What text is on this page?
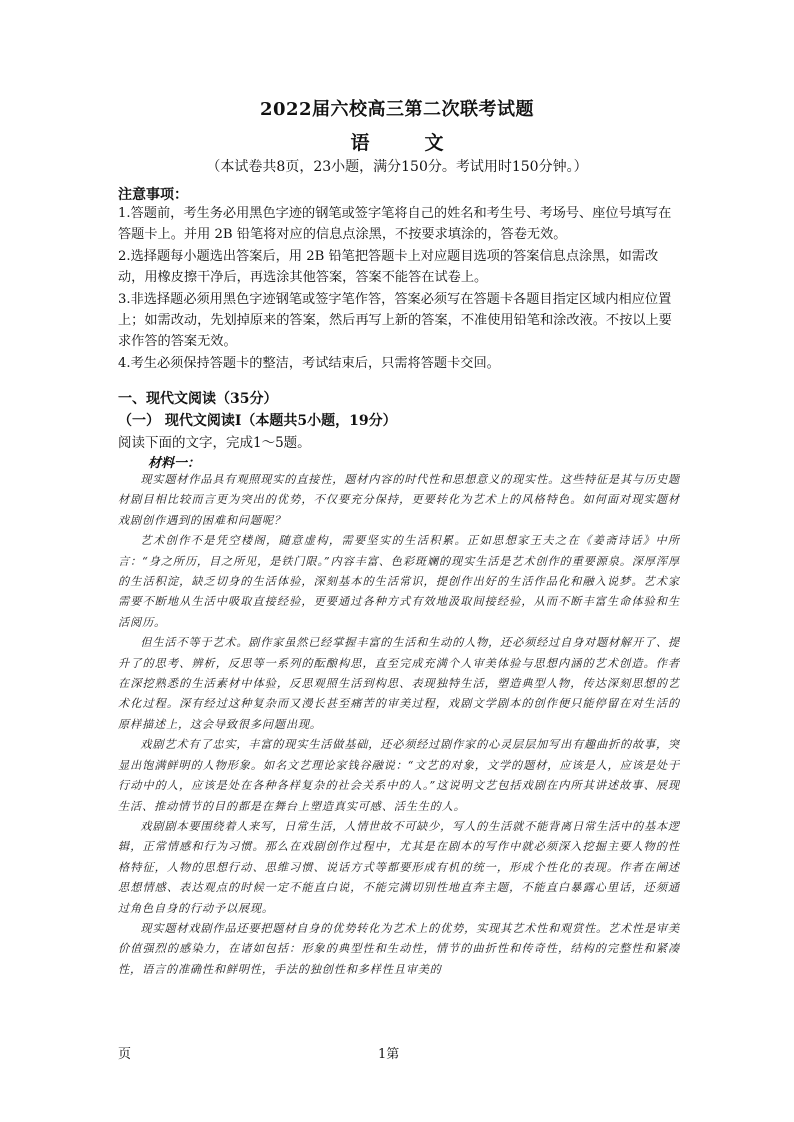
2022届六校高三第二次联考试题
语　文
（本试卷共8页，23小题，满分150分。考试用时150分钟。）
注意事项：

1.答题前，考生务必用黑色字迹的钢笔或签字笔将自己的姓名和考生号、考场号、座位号填写在答题卡上。并用 2B 铅笔将对应的信息点涂黑，不按要求填涂的，答卷无效。

2.选择题每小题选出答案后，用 2B 铅笔把答题卡上对应题目选项的答案信息点涂黑，如需改动，用橡皮擦干净后，再选涂其他答案，答案不能答在试卷上。

3.非选择题必须用黑色字迹钢笔或签字笔作答，答案必须写在答题卡各题目指定区域内相应位置上；如需改动，先划掉原来的答案，然后再写上新的答案，不准使用铅笔和涂改液。不按以上要求作答的答案无效。

4.考生必须保持答题卡的整洁，考试结束后，只需将答题卡交回。

一、现代文阅读（35分）
（一） 现代文阅读Ⅰ（本题共5小题，19分）
阅读下面的文字，完成1～5题。
材料一：

现实题材作品具有观照现实的直接性，题材内容的时代性和思想意义的现实性。这些特征是其与历史题材剧目相比较而言更为突出的优势，不仅要充分保持，更要转化为艺术上的风格特色。如何面对现实题材戏剧创作遇到的困难和问题呢？

艺术创作不是凭空楼阁，随意虚构，需要坚实的生活积累。正如思想家王夫之在《姜斋诗话》中所言：“身之所历，目之所见，是铁门限。”内容丰富、色彩斑斓的现实生活是艺术创作的重要源泉。深厚浑厚的生活积淀，缺乏切身的生活体验，深刻基本的生活常识，提创作出好的生活作品化和融入说梦。艺术家需要不断地从生活中吸取直接经验，更要通过各种方式有效地汲取间接经验，从而不断丰富生命体验和生活阅历。

但生活不等于艺术。剧作家虽然已经掌握丰富的生活和生动的人物，还必须经过自身对题材解开了、提升了的思考、辨析，反思等一系列的酝酿构思，直至完成充满个人审美体验与思想内涵的艺术创造。作者在深挖熟悉的生活素材中体验，反思观照生活到构思、表现独特生活，塑造典型人物，传达深刻思想的艺术化过程。深有经过这种复杂而又漫长甚至痛苦的审美过程，戏剧文学剧本的创作便只能停留在对生活的原样描述上，这会导致很多问题出现。

戏剧艺术有了忠实，丰富的现实生活做基础，还必须经过剧作家的心灵层层加写出有趣曲折的故事，突显出饱满鲜明的人物形象。如名文艺理论家钱谷融说：“文艺的对象，文学的题材，应该是人，应该是处于行动中的人，应该是处在各种各样复杂的社会关系中的人。”这说明文艺包括戏剧在内所其讲述故事、展现生活、推动情节的目的都是在舞台上塑造真实可感、活生生的人。

戏剧剧本要围绕着人来写，日常生活，人情世故不可缺少，写人的生活就不能背离日常生活中的基本逻辑，正常情感和行为习惯。那么在戏剧创作过程中，尤其是在剧本的写作中就必须深入挖掘主要人物的性格特征，人物的思想行动、思维习惯、说话方式等都要形成有机的统一，形成个性化的表现。作者在阐述思想情感、表达观点的时候一定不能直白说，不能完满切别性地直奔主题，不能直白暴露心里话，还须通过角色自身的行动予以展现。

现实题材戏剧作品还要把题材自身的优势转化为艺术上的优势，实现其艺术性和观赏性。艺术性是审美价值强烈的感染力，在诸如包括：形象的典型性和生动性，情节的曲折性和传奇性，结构的完整性和紧凑性，语言的准确性和鲜明性，手法的独创性和多样性且审美的

页	1第
